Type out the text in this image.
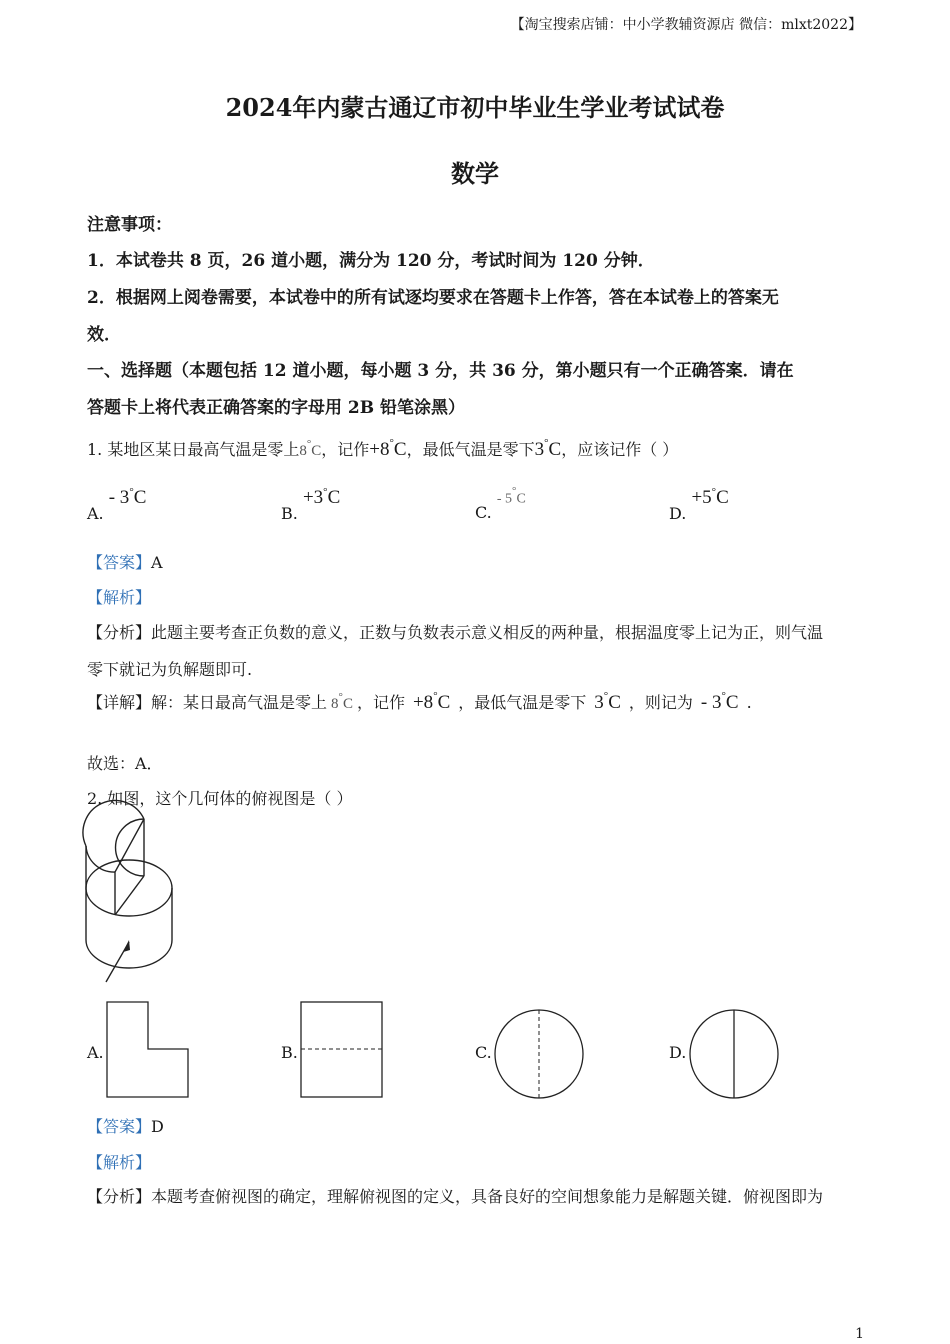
【淘宝搜索店铺：中小学教辅资源店 微信：mlxt2022】
2024年内蒙古通辽市初中毕业生学业考试试卷
数学
注意事项：
1．本试卷共 8 页，26 道小题，满分为 120 分，考试时间为 120 分钟．
2．根据网上阅卷需要，本试卷中的所有试逐均要求在答题卡上作答，答在本试卷上的答案无
效．
一、选择题（本题包括 12 道小题，每小题 3 分，共 36 分，第小题只有一个正确答案．请在
答题卡上将代表正确答案的字母用 2B 铅笔涂黑）
1. 某地区某日最高气温是零上8°C，记作+8°C，最低气温是零下3°C，应该记作（ ）
A. - 3°C
B. +3°C
C. - 5°C
D. +5°C
【答案】A
【解析】
【分析】此题主要考查正负数的意义，正数与负数表示意义相反的两种量，根据温度零上记为正，则气温
零下就记为负解题即可.
【详解】解：某日最高气温是零上 8°C ，记作 +8°C ，最低气温是零下 3°C ，则记为 - 3°C .
故选：A．
2. 如图，这个几何体的俯视图是（ ）
A.	B.	C.	D.
【答案】D
【解析】
【分析】本题考查俯视图的确定，理解俯视图的定义，具备良好的空间想象能力是解题关键．俯视图即为
1
